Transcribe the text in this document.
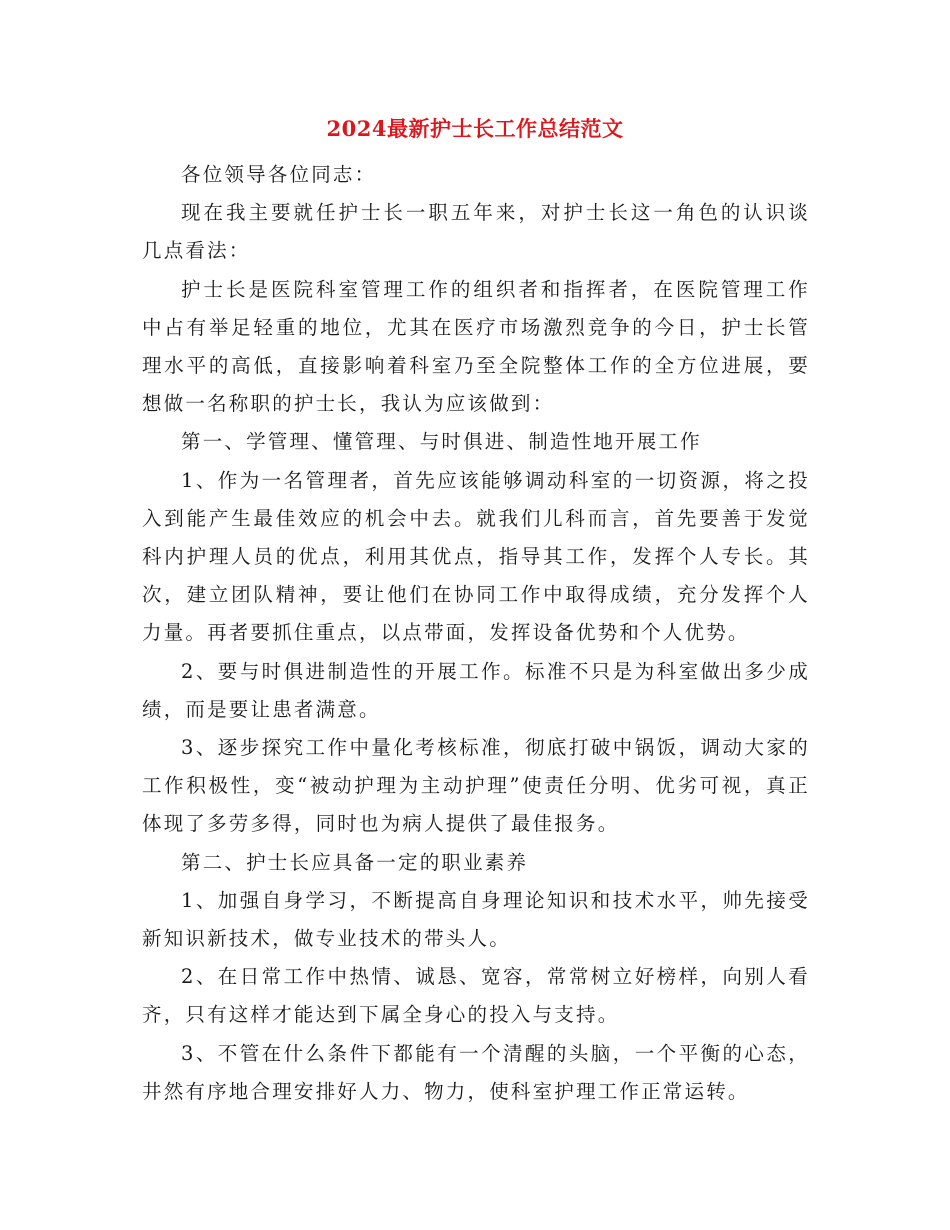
2024最新护士长工作总结范文

各位领导各位同志：

现在我主要就任护士长一职五年来，对护士长这一角色的认识谈几点看法：

护士长是医院科室管理工作的组织者和指挥者，在医院管理工作中占有举足轻重的地位，尤其在医疗市场激烈竞争的今日，护士长管理水平的高低，直接影响着科室乃至全院整体工作的全方位进展，要想做一名称职的护士长，我认为应该做到：

第一、学管理、懂管理、与时俱进、制造性地开展工作

1、作为一名管理者，首先应该能够调动科室的一切资源，将之投入到能产生最佳效应的机会中去。就我们儿科而言，首先要善于发觉科内护理人员的优点，利用其优点，指导其工作，发挥个人专长。其次，建立团队精神，要让他们在协同工作中取得成绩，充分发挥个人力量。再者要抓住重点，以点带面，发挥设备优势和个人优势。

2、要与时俱进制造性的开展工作。标准不只是为科室做出多少成绩，而是要让患者满意。

3、逐步探究工作中量化考核标准，彻底打破中锅饭，调动大家的工作积极性，变“被动护理为主动护理”使责任分明、优劣可视，真正体现了多劳多得，同时也为病人提供了最佳报务。

第二、护士长应具备一定的职业素养

1、加强自身学习，不断提高自身理论知识和技术水平，帅先接受新知识新技术，做专业技术的带头人。

2、在日常工作中热情、诚恳、宽容，常常树立好榜样，向别人看齐，只有这样才能达到下属全身心的投入与支持。

3、不管在什么条件下都能有一个清醒的头脑，一个平衡的心态，井然有序地合理安排好人力、物力，使科室护理工作正常运转。
